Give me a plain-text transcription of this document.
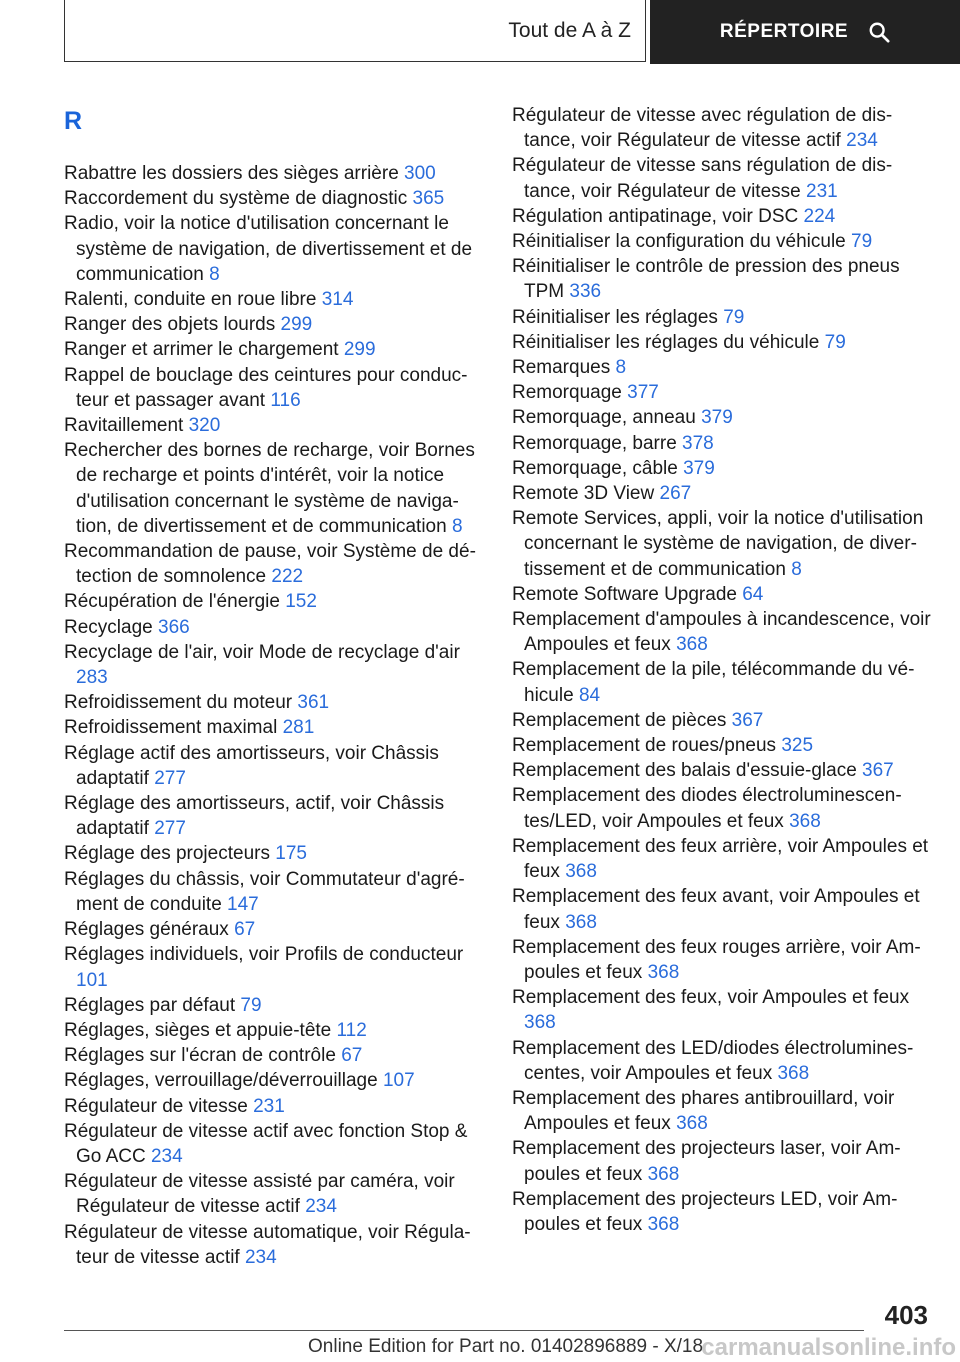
Tout de A à Z	RÉPERTOIRE
R

Rabattre les dossiers des sièges arrière 300

Raccordement du système de diagnostic 365

Radio, voir la notice d'utilisation concernant le système de navigation, de divertissement et de communication 8

Ralenti, conduite en roue libre 314

Ranger des objets lourds 299

Ranger et arrimer le chargement 299

Rappel de bouclage des ceintures pour conducteur et passager avant 116

Ravitaillement 320

Rechercher des bornes de recharge, voir Bornes de recharge et points d'intérêt, voir la notice d'utilisation concernant le système de navigation, de divertissement et de communication 8

Recommandation de pause, voir Système de détection de somnolence 222

Récupération de l'énergie 152

Recyclage 366

Recyclage de l'air, voir Mode de recyclage d'air 283

Refroidissement du moteur 361

Refroidissement maximal 281

Réglage actif des amortisseurs, voir Châssis adaptatif 277

Réglage des amortisseurs, actif, voir Châssis adaptatif 277

Réglage des projecteurs 175

Réglages du châssis, voir Commutateur d'agrément de conduite 147

Réglages généraux 67

Réglages individuels, voir Profils de conducteur 101

Réglages par défaut 79

Réglages, sièges et appuie-tête 112

Réglages sur l'écran de contrôle 67

Réglages, verrouillage/déverrouillage 107

Régulateur de vitesse 231

Régulateur de vitesse actif avec fonction Stop & Go ACC 234

Régulateur de vitesse assisté par caméra, voir Régulateur de vitesse actif 234

Régulateur de vitesse automatique, voir Régulateur de vitesse actif 234

Régulateur de vitesse avec régulation de distance, voir Régulateur de vitesse actif 234

Régulateur de vitesse sans régulation de distance, voir Régulateur de vitesse 231

Régulation antipatinage, voir DSC 224

Réinitialiser la configuration du véhicule 79

Réinitialiser le contrôle de pression des pneus TPM 336

Réinitialiser les réglages 79

Réinitialiser les réglages du véhicule 79

Remarques 8

Remorquage 377

Remorquage, anneau 379

Remorquage, barre 378

Remorquage, câble 379

Remote 3D View 267

Remote Services, appli, voir la notice d'utilisation concernant le système de navigation, de divertissement et de communication 8

Remote Software Upgrade 64

Remplacement d'ampoules à incandescence, voir Ampoules et feux 368

Remplacement de la pile, télécommande du véhicule 84

Remplacement de pièces 367

Remplacement de roues/pneus 325

Remplacement des balais d'essuie-glace 367

Remplacement des diodes électroluminescentes/LED, voir Ampoules et feux 368

Remplacement des feux arrière, voir Ampoules et feux 368

Remplacement des feux avant, voir Ampoules et feux 368

Remplacement des feux rouges arrière, voir Ampoules et feux 368

Remplacement des feux, voir Ampoules et feux 368

Remplacement des LED/diodes électroluminescentes, voir Ampoules et feux 368

Remplacement des phares antibrouillard, voir Ampoules et feux 368

Remplacement des projecteurs laser, voir Ampoules et feux 368

Remplacement des projecteurs LED, voir Ampoules et feux 368

403
Online Edition for Part no. 01402896889 - X/18
carmanualsonline.info
